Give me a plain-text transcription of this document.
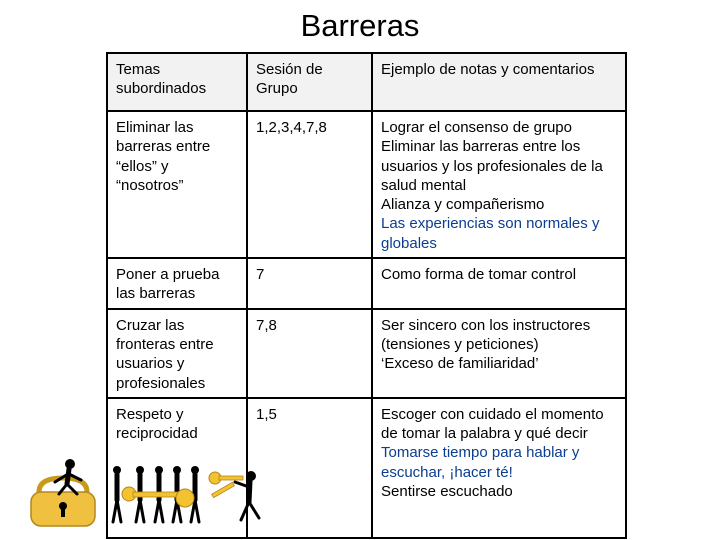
Barreras
Temas subordinados	Sesión de Grupo	Ejemplo de notas y comentarios
Eliminar las barreras entre “ellos” y “nosotros”	1,2,3,4,7,8	Lograr el consenso de grupo
Eliminar las barreras entre los usuarios y los profesionales de la salud mental
Alianza y compañerismo
Las experiencias son normales y globales

Poner a prueba las barreras	7	Como forma de tomar control

Cruzar las fronteras entre usuarios y profesionales	7,8	Ser sincero con los instructores (tensiones y peticiones)
‘Exceso de familiaridad’

Respeto y reciprocidad	1,5	Escoger con cuidado el momento de tomar la palabra y qué decir
Tomarse tiempo para hablar y escuchar, ¡hacer té!
Sentirse escuchado
